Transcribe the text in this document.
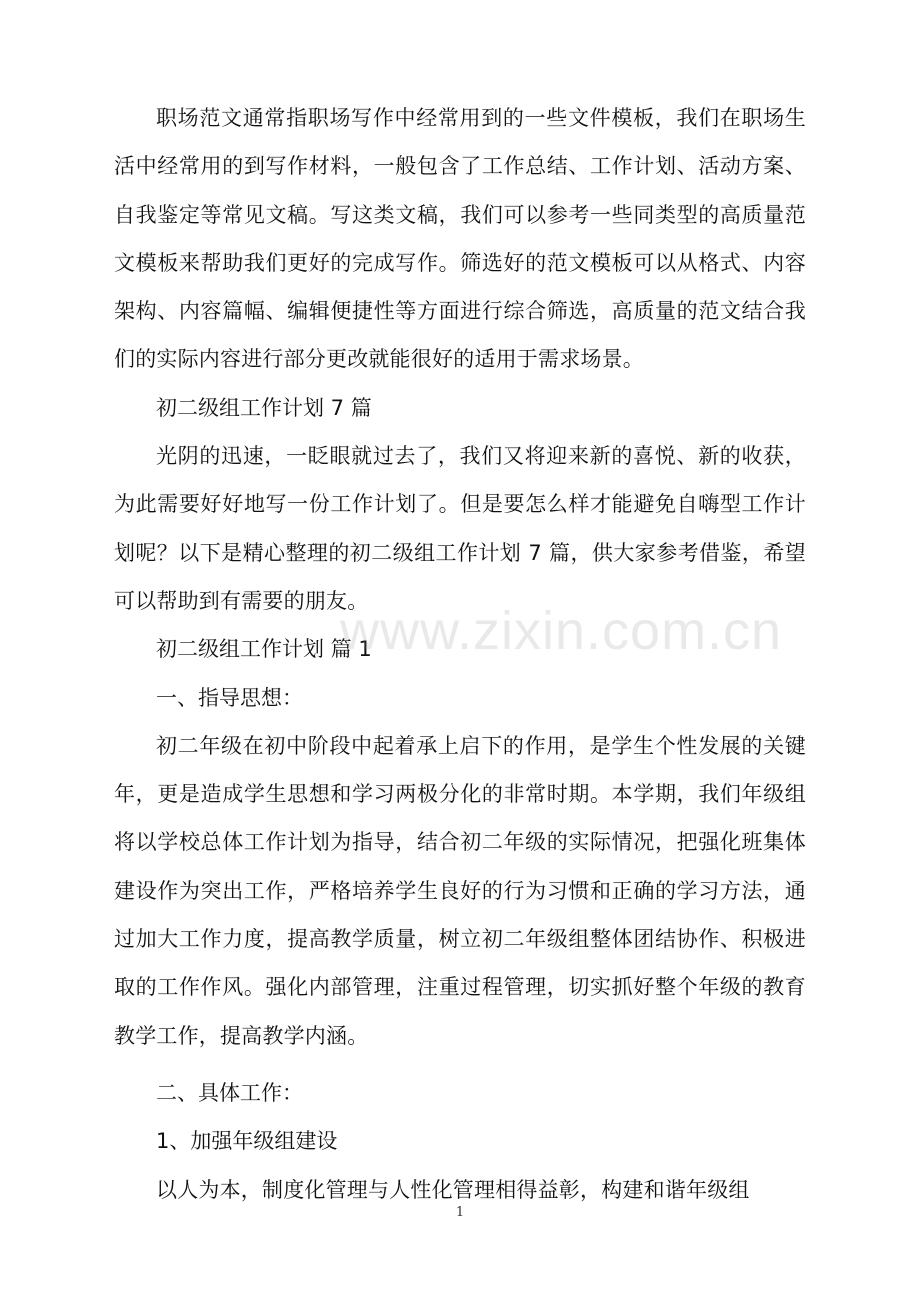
职场范文通常指职场写作中经常用到的一些文件模板，我们在职场生活中经常用的到写作材料，一般包含了工作总结、工作计划、活动方案、自我鉴定等常见文稿。写这类文稿，我们可以参考一些同类型的高质量范文模板来帮助我们更好的完成写作。筛选好的范文模板可以从格式、内容架构、内容篇幅、编辑便捷性等方面进行综合筛选，高质量的范文结合我们的实际内容进行部分更改就能很好的适用于需求场景。

初二级组工作计划 7 篇

光阴的迅速，一眨眼就过去了，我们又将迎来新的喜悦、新的收获，为此需要好好地写一份工作计划了。但是要怎么样才能避免自嗨型工作计划呢？以下是精心整理的初二级组工作计划 7 篇，供大家参考借鉴，希望可以帮助到有需要的朋友。

初二级组工作计划 篇 1

一、指导思想：

初二年级在初中阶段中起着承上启下的作用，是学生个性发展的关键年，更是造成学生思想和学习两极分化的非常时期。本学期，我们年级组将以学校总体工作计划为指导，结合初二年级的实际情况，把强化班集体建设作为突出工作，严格培养学生良好的行为习惯和正确的学习方法，通过加大工作力度，提高教学质量，树立初二年级组整体团结协作、积极进取的工作作风。强化内部管理，注重过程管理，切实抓好整个年级的教育教学工作，提高教学内涵。

二、具体工作：

1、加强年级组建设

以人为本，制度化管理与人性化管理相得益彰，构建和谐年级组

www.zixin.com.cn
1
